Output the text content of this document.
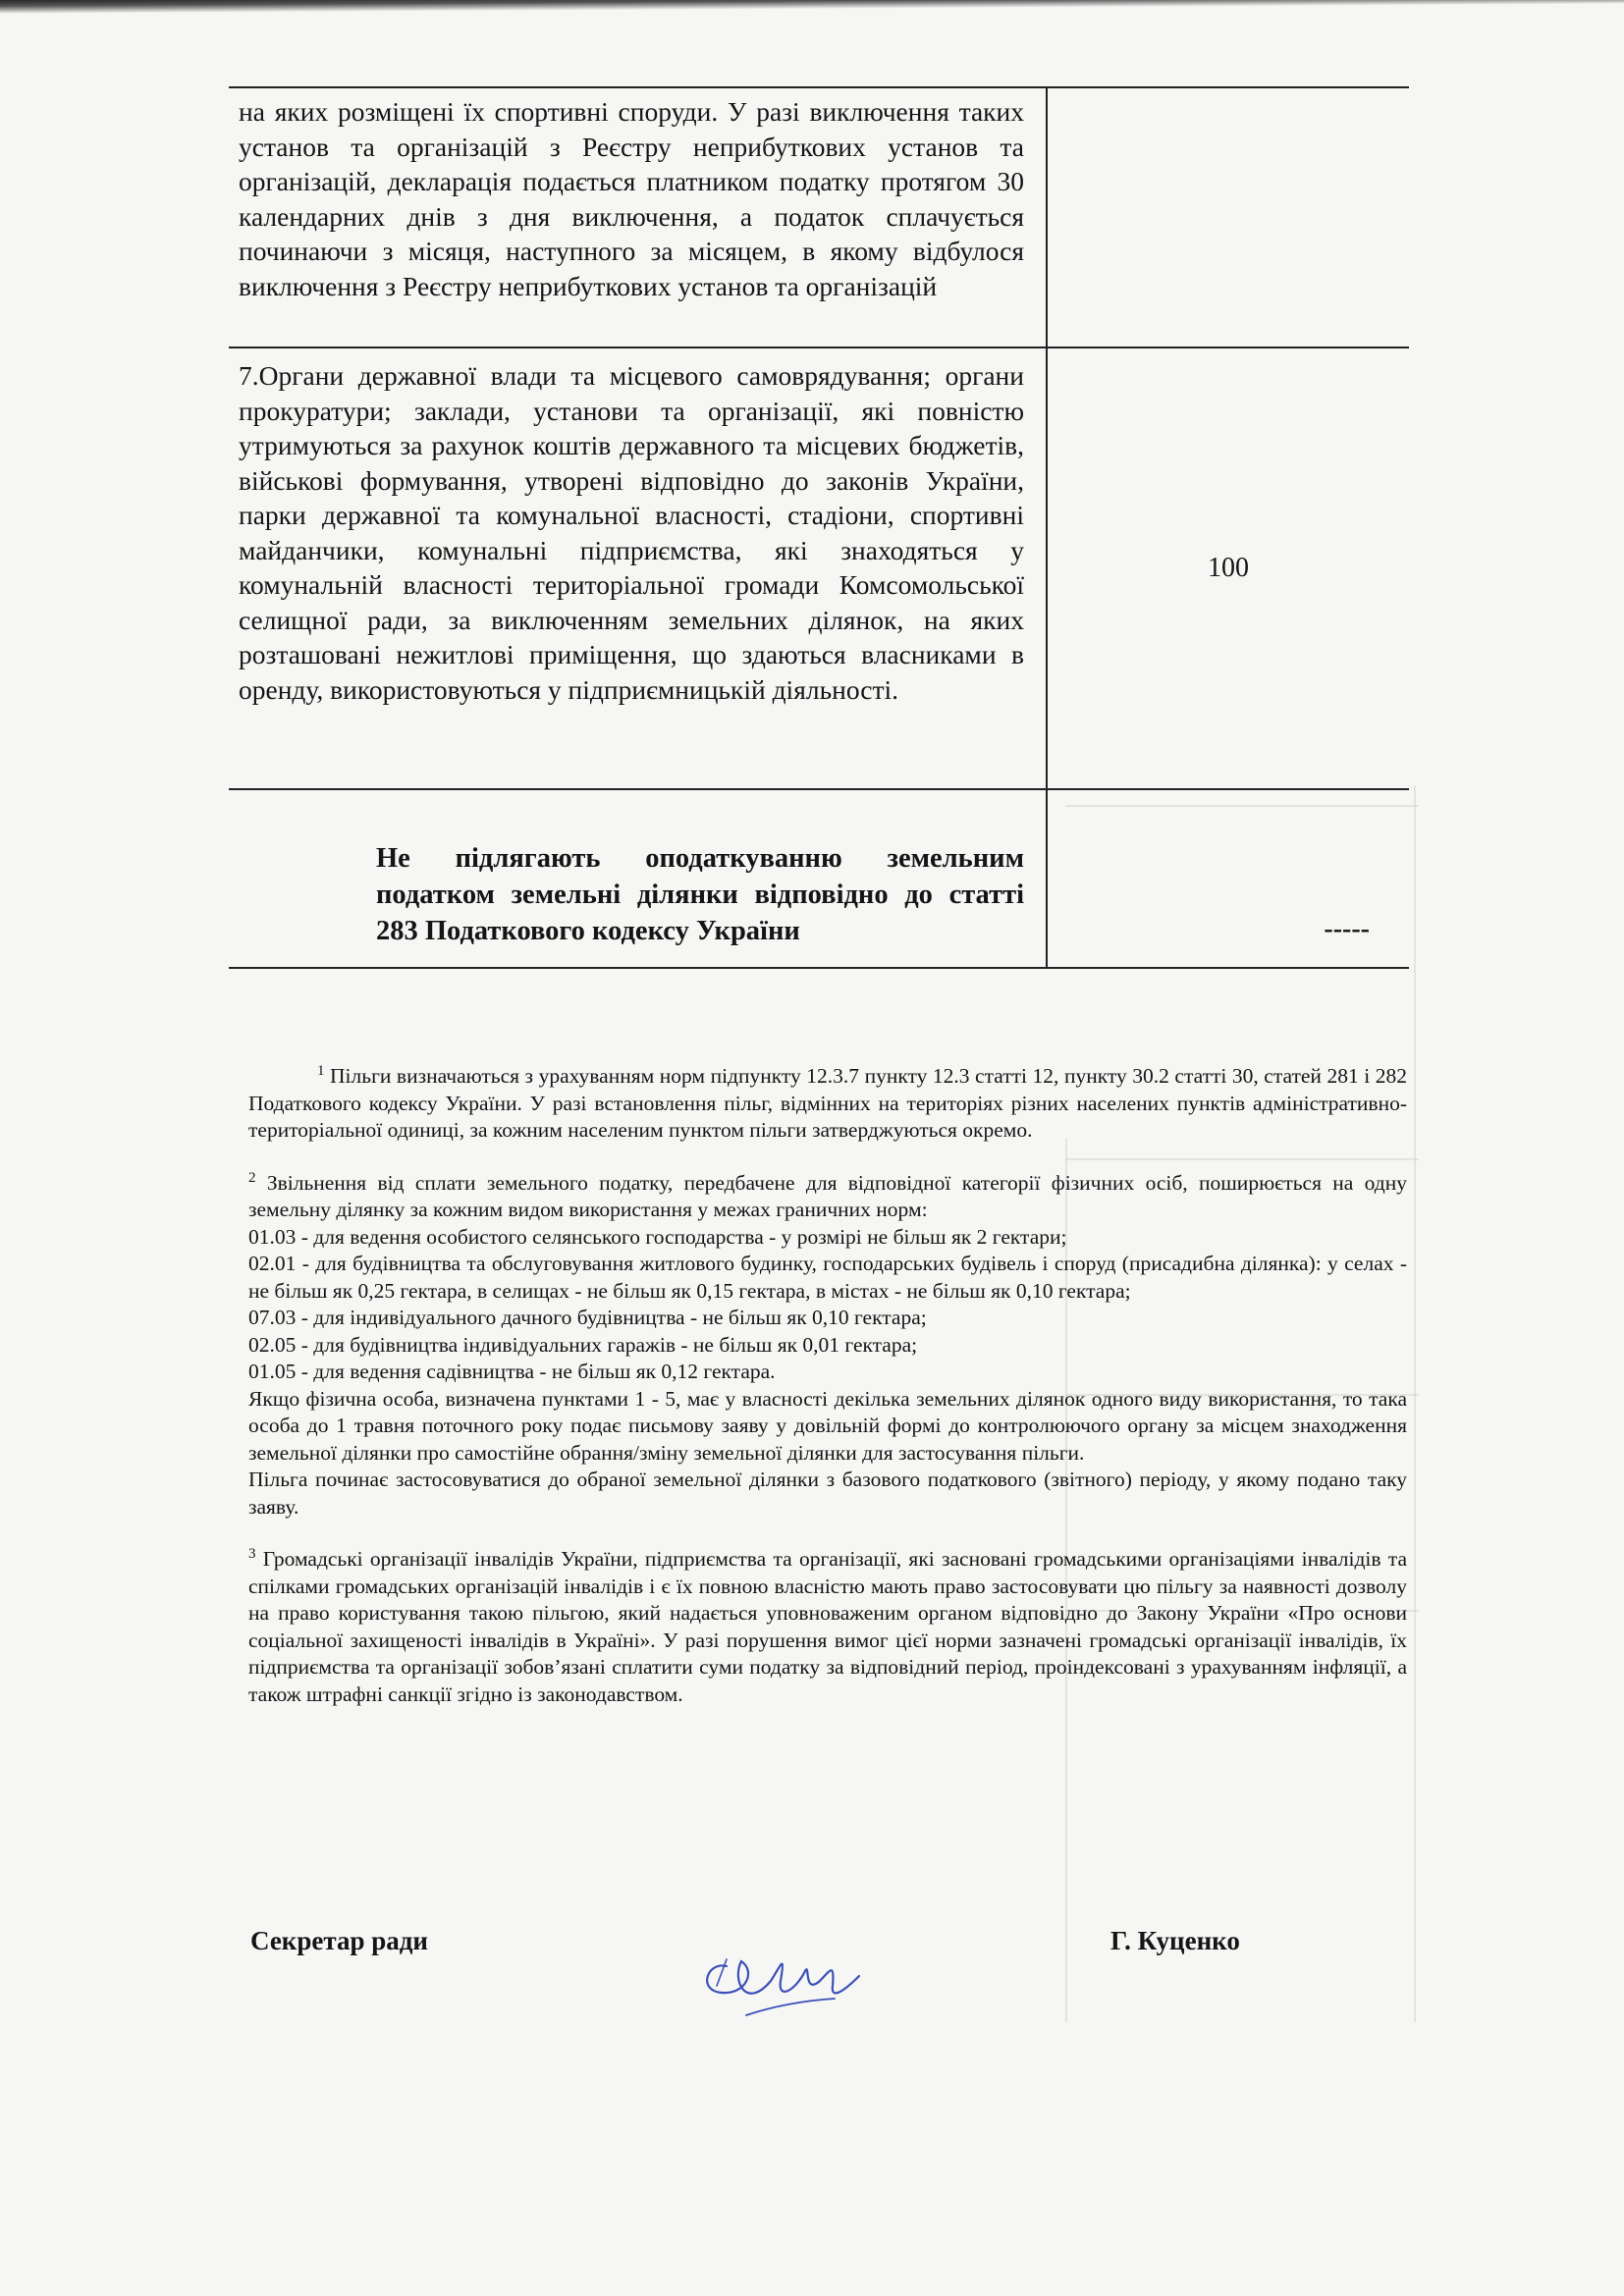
на яких розміщені їх спортивні споруди. У разі виключення таких установ та організацій з Реєстру неприбуткових установ та організацій, декларація подається платником податку протягом 30 календарних днів з дня виключення, а податок сплачується починаючи з місяця, наступного за місяцем, в якому відбулося виключення з Реєстру неприбуткових установ та організацій	

7.Органи державної влади та місцевого самоврядування; органи прокуратури; заклади, установи та організації, які повністю утримуються за рахунок коштів державного та місцевих бюджетів, військові формування, утворені відповідно до законів України, парки державної та комунальної власності, стадіони, спортивні майданчики, комунальні підприємства, які знаходяться у комунальній власності територіальної громади Комсомольської селищної ради, за виключенням земельних ділянок, на яких розташовані нежитлові приміщення, що здаються власниками в оренду, використовуються у підприємницькій діяльності.	100

Не підлягають оподаткуванню земельним податком земельні ділянки відповідно до статті 283 Податкового кодексу України	-----

$^1$ Пільги визначаються з урахуванням норм підпункту 12.3.7 пункту 12.3 статті 12, пункту 30.2 статті 30, статей 281 і 282 Податкового кодексу України. У разі встановлення пільг, відмінних на територіях різних населених пунктів адміністративно-територіальної одиниці, за кожним населеним пунктом пільги затверджуються окремо.

$^2$ Звільнення від сплати земельного податку, передбачене для відповідної категорії фізичних осіб, поширюється на одну земельну ділянку за кожним видом використання у межах граничних норм:

01.03 - для ведення особистого селянського господарства - у розмірі не більш як 2 гектари;

02.01 - для будівництва та обслуговування житлового будинку, господарських будівель і споруд (присадибна ділянка): у селах - не більш як 0,25 гектара, в селищах - не більш як 0,15 гектара, в містах - не більш як 0,10 гектара;

07.03 - для індивідуального дачного будівництва - не більш як 0,10 гектара;

02.05 - для будівництва індивідуальних гаражів - не більш як 0,01 гектара;

01.05 - для ведення садівництва - не більш як 0,12 гектара.

Якщо фізична особа, визначена пунктами 1 - 5, має у власності декілька земельних ділянок одного виду використання, то така особа до 1 травня поточного року подає письмову заяву у довільній формі до контролюючого органу за місцем знаходження земельної ділянки про самостійне обрання/зміну земельної ділянки для застосування пільги.

Пільга починає застосовуватися до обраної земельної ділянки з базового податкового (звітного) періоду, у якому подано таку заяву.

$^3$ Громадські організації інвалідів України, підприємства та організації, які засновані громадськими організаціями інвалідів та спілками громадських організацій інвалідів і є їх повною власністю мають право застосовувати цю пільгу за наявності дозволу на право користування такою пільгою, який надається уповноваженим органом відповідно до Закону України «Про основи соціальної захищеності інвалідів в Україні». У разі порушення вимог цієї норми зазначені громадські організації інвалідів, їх підприємства та організації зобов’язані сплатити суми податку за відповідний період, проіндексовані з урахуванням інфляції, а також штрафні санкції згідно із законодавством.

Секретар ради	Г. Куценко
